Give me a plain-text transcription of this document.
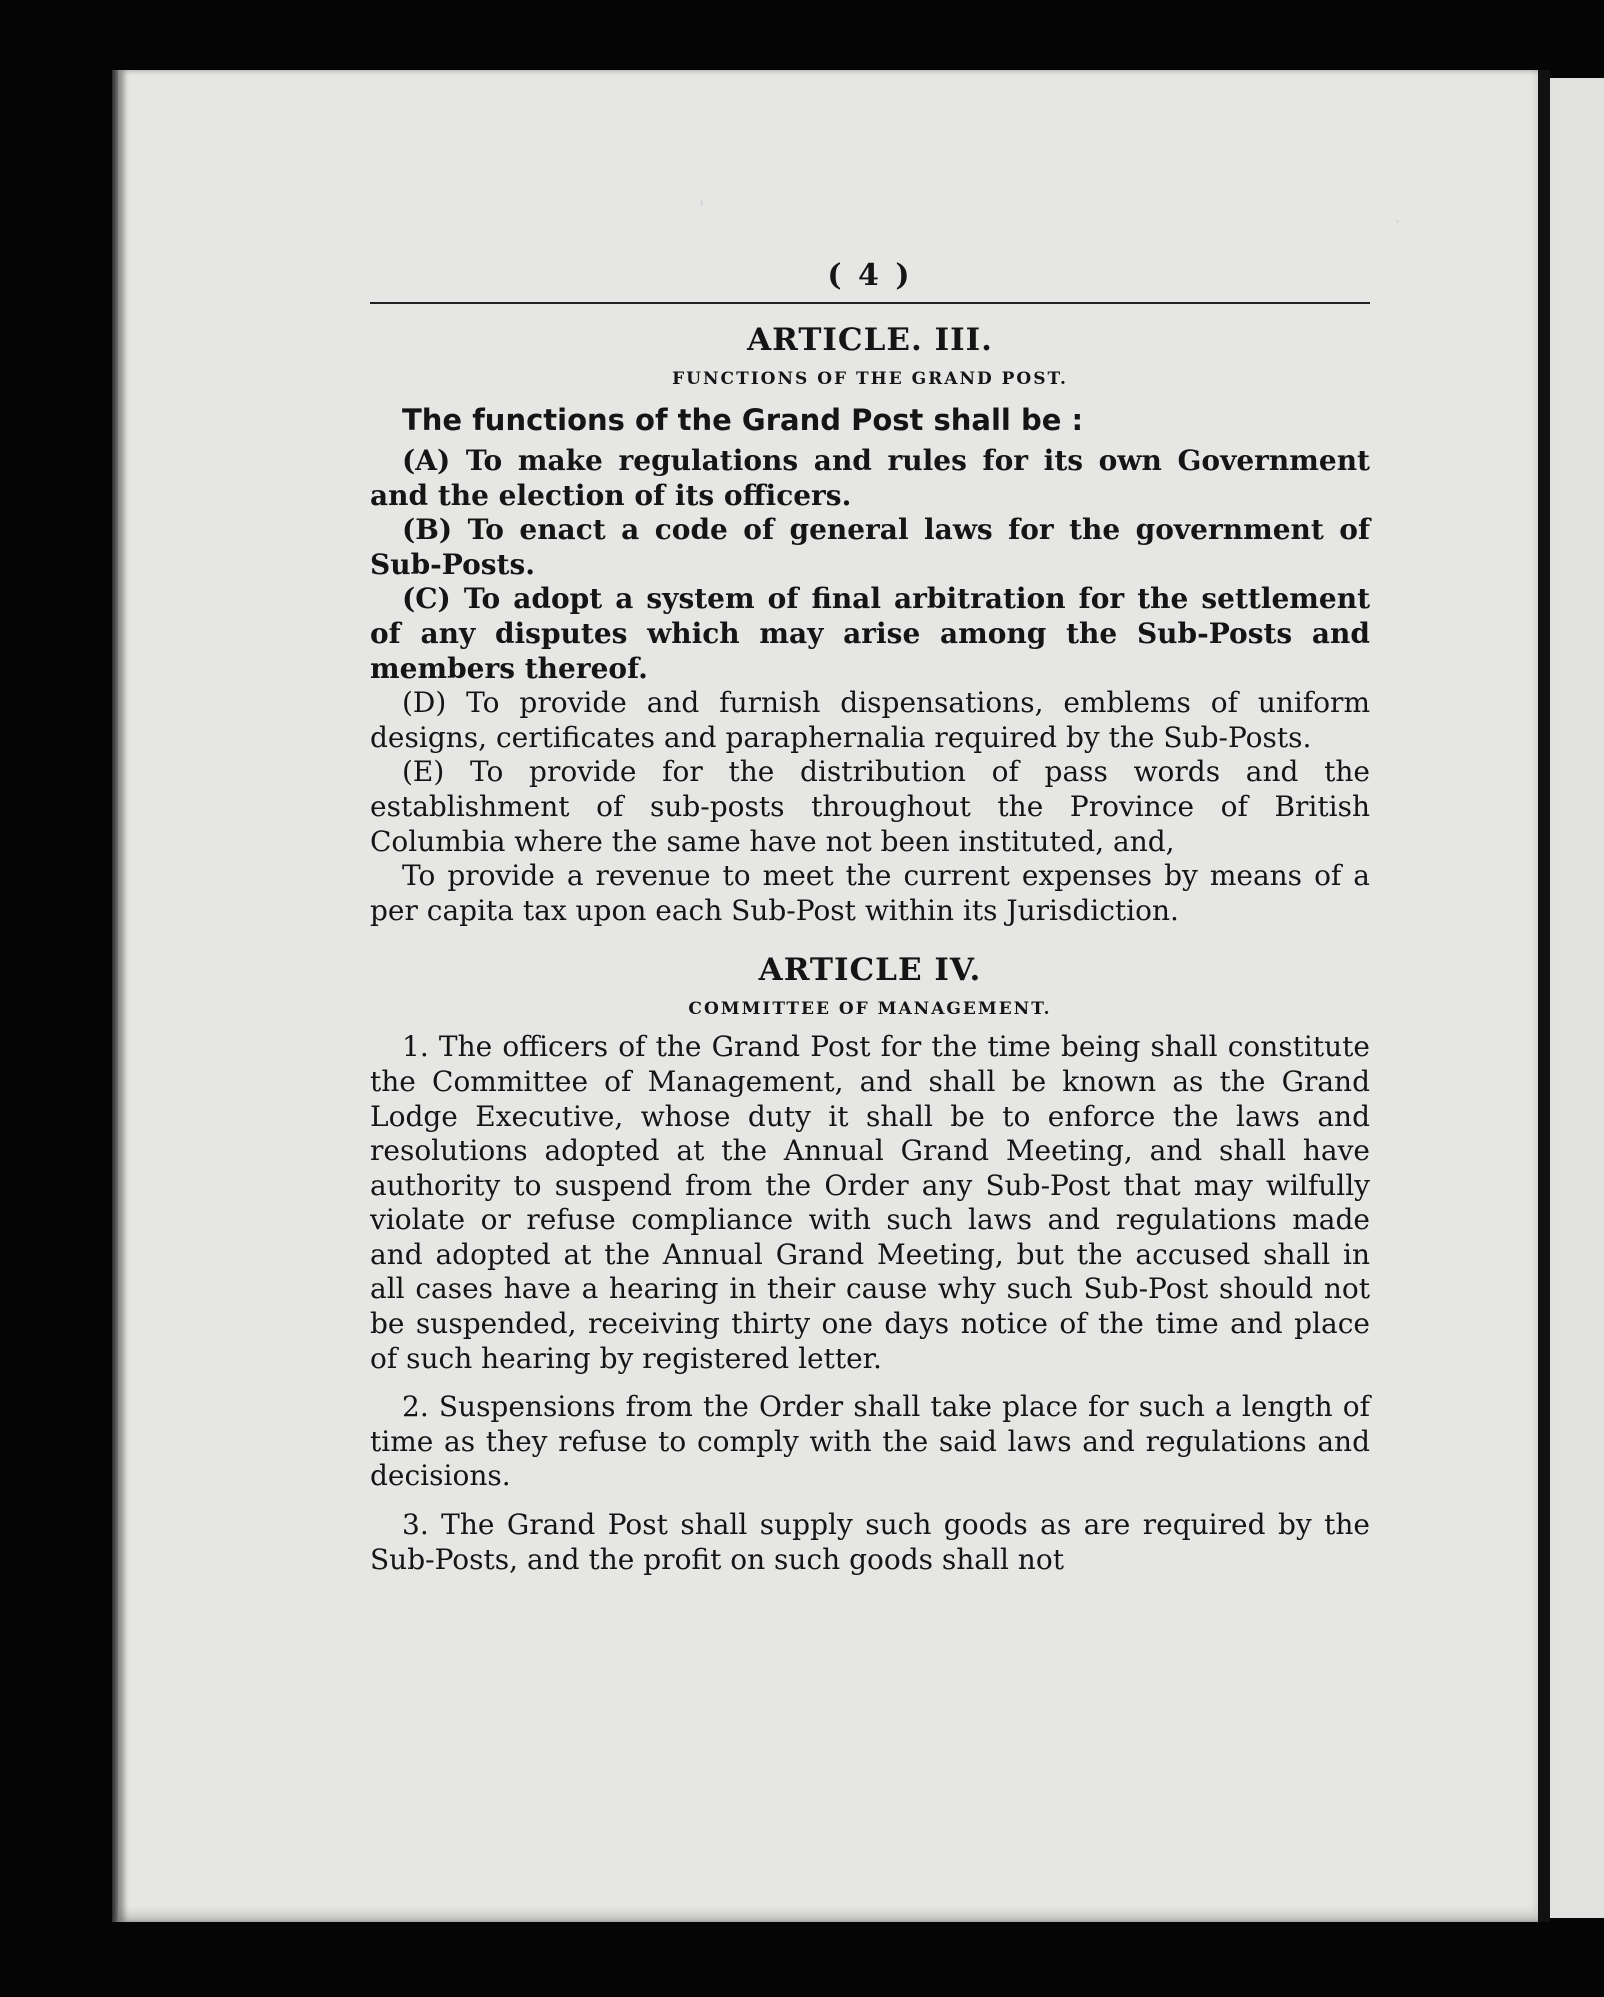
( 4 )
ARTICLE. III.
FUNCTIONS OF THE GRAND POST.
The functions of the Grand Post shall be :

(A) To make regulations and rules for its own Government and the election of its officers.

(B) To enact a code of general laws for the government of Sub-Posts.

(C) To adopt a system of final arbitration for the settlement of any disputes which may arise among the Sub-Posts and members thereof.

(D) To provide and furnish dispensations, emblems of uniform designs, certificates and paraphernalia required by the Sub-Posts.

(E) To provide for the distribution of pass words and the establishment of sub-posts throughout the Province of British Columbia where the same have not been instituted, and,

To provide a revenue to meet the current expenses by means of a per capita tax upon each Sub-Post within its Jurisdiction.

ARTICLE IV.
COMMITTEE OF MANAGEMENT.

1. The officers of the Grand Post for the time being shall constitute the Committee of Management, and shall be known as the Grand Lodge Executive, whose duty it shall be to enforce the laws and resolutions adopted at the Annual Grand Meeting, and shall have authority to suspend from the Order any Sub-Post that may wilfully violate or refuse compliance with such laws and regulations made and adopted at the Annual Grand Meeting, but the accused shall in all cases have a hearing in their cause why such Sub-Post should not be suspended, receiving thirty one days notice of the time and place of such hearing by registered letter.

2. Suspensions from the Order shall take place for such a length of time as they refuse to comply with the said laws and regulations and decisions.

3. The Grand Post shall supply such goods as are required by the Sub-Posts, and the profit on such goods shall not
